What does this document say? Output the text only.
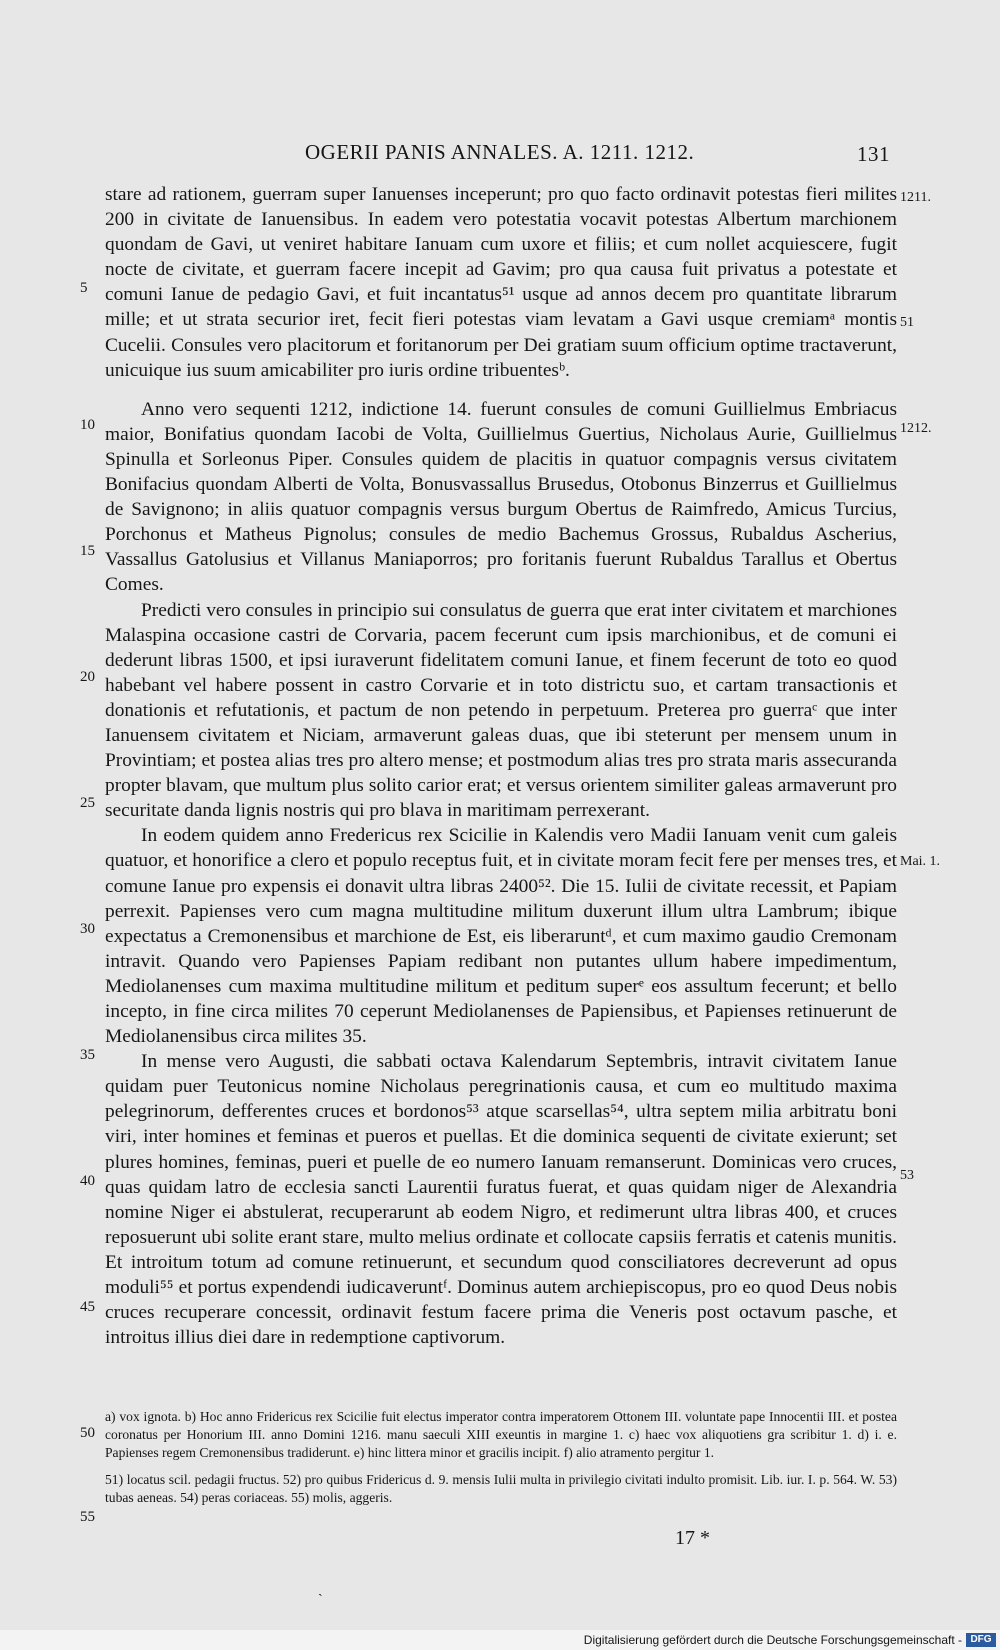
OGERII PANIS ANNALES. A. 1211. 1212.	131

stare ad rationem, guerram super Ianuenses inceperunt; pro quo facto ordinavit potestas fieri milites 200 in civitate de Ianuensibus. In eadem vero potestatia vocavit potestas Albertum marchionem quondam de Gavi, ut veniret habitare Ianuam cum uxore et filiis; et cum nollet acquiescere, fugit nocte de civitate, et guerram facere incepit ad Gavim; pro qua causa fuit privatus a potestate et comuni Ianue de pedagio Gavi, et fuit incantatus⁵¹ usque ad annos decem pro quantitate librarum mille; et ut strata securior iret, fecit fieri potestas viam levatam a Gavi usque cremiamᵃ montis Cucelii. Consules vero placitorum et foritanorum per Dei gratiam suum officium optime tractaverunt, unicuique ius suum amicabiliter pro iuris ordine tribuentesᵇ.

Anno vero sequenti 1212, indictione 14. fuerunt consules de comuni Guillielmus Embriacus maior, Bonifatius quondam Iacobi de Volta, Guillielmus Guertius, Nicholaus Aurie, Guillielmus Spinulla et Sorleonus Piper. Consules quidem de placitis in quatuor compagnis versus civitatem Bonifacius quondam Alberti de Volta, Bonusvassallus Brusedus, Otobonus Binzerrus et Guillielmus de Savignono; in aliis quatuor compagnis versus burgum Obertus de Raimfredo, Amicus Turcius, Porchonus et Matheus Pignolus; consules de medio Bachemus Grossus, Rubaldus Ascherius, Vassallus Gatolusius et Villanus Maniaporros; pro foritanis fuerunt Rubaldus Tarallus et Obertus Comes.

Predicti vero consules in principio sui consulatus de guerra que erat inter civitatem et marchiones Malaspina occasione castri de Corvaria, pacem fecerunt cum ipsis marchionibus, et de comuni ei dederunt libras 1500, et ipsi iuraverunt fidelitatem comuni Ianue, et finem fecerunt de toto eo quod habebant vel habere possent in castro Corvarie et in toto districtu suo, et cartam transactionis et donationis et refutationis, et pactum de non petendo in perpetuum. Preterea pro guerraᶜ que inter Ianuensem civitatem et Niciam, armaverunt galeas duas, que ibi steterunt per mensem unum in Provintiam; et postea alias tres pro altero mense; et postmodum alias tres pro strata maris assecuranda propter blavam, que multum plus solito carior erat; et versus orientem similiter galeas armaverunt pro securitate danda lignis nostris qui pro blava in maritimam perrexerant.

In eodem quidem anno Fredericus rex Scicilie in Kalendis vero Madii Ianuam venit cum galeis quatuor, et honorifice a clero et populo receptus fuit, et in civitate moram fecit fere per menses tres, et comune Ianue pro expensis ei donavit ultra libras 2400⁵². Die 15. Iulii de civitate recessit, et Papiam perrexit. Papienses vero cum magna multitudine militum duxerunt illum ultra Lambrum; ibique expectatus a Cremonensibus et marchione de Est, eis liberaruntᵈ, et cum maximo gaudio Cremonam intravit. Quando vero Papienses Papiam redibant non putantes ullum habere impedimentum, Mediolanenses cum maxima multitudine militum et peditum superᵉ eos assultum fecerunt; et bello incepto, in fine circa milites 70 ceperunt Mediolanenses de Papiensibus, et Papienses retinuerunt de Mediolanensibus circa milites 35.

In mense vero Augusti, die sabbati octava Kalendarum Septembris, intravit civitatem Ianue quidam puer Teutonicus nomine Nicholaus peregrinationis causa, et cum eo multitudo maxima pelegrinorum, defferentes cruces et bordonos⁵³ atque scarsellas⁵⁴, ultra septem milia arbitratu boni viri, inter homines et feminas et pueros et puellas. Et die dominica sequenti de civitate exierunt; set plures homines, feminas, pueri et puelle de eo numero Ianuam remanserunt. Dominicas vero cruces, quas quidam latro de ecclesia sancti Laurentii furatus fuerat, et quas quidam niger de Alexandria nomine Niger ei abstulerat, recuperarunt ab eodem Nigro, et redimerunt ultra libras 400, et cruces reposuerunt ubi solite erant stare, multo melius ordinate et collocate capsiis ferratis et catenis munitis. Et introitum totum ad comune retinuerunt, et secundum quod consciliatores decreverunt ad opus moduli⁵⁵ et portus expendendi iudicaveruntᶠ. Dominus autem archiepiscopus, pro eo quod Deus nobis cruces recuperare concessit, ordinavit festum facere prima die Veneris post octavum pasche, et introitus illius diei dare in redemptione captivorum.

5
10
15
20
25
30
35
40
45
50
55
1211.
51
1212.
Mai. 1.
53

a) vox ignota. b) Hoc anno Fridericus rex Scicilie fuit electus imperator contra imperatorem Ottonem III. voluntate pape Innocentii III. et postea coronatus per Honorium III. anno Domini 1216. manu saeculi XIII exeuntis in margine 1. c) haec vox aliquotiens gra scribitur 1. d) i. e. Papienses regem Cremonensibus tradiderunt. e) hinc littera minor et gracilis incipit. f) alio atramento pergitur 1.

51) locatus scil. pedagii fructus. 52) pro quibus Fridericus d. 9. mensis Iulii multa in privilegio civitati indulto promisit. Lib. iur. I. p. 564. W. 53) tubas aeneas. 54) peras coriaceas. 55) molis, aggeris.

17 *
ˏ
Digitalisierung gefördert durch die Deutsche Forschungsgemeinschaft - DFG
